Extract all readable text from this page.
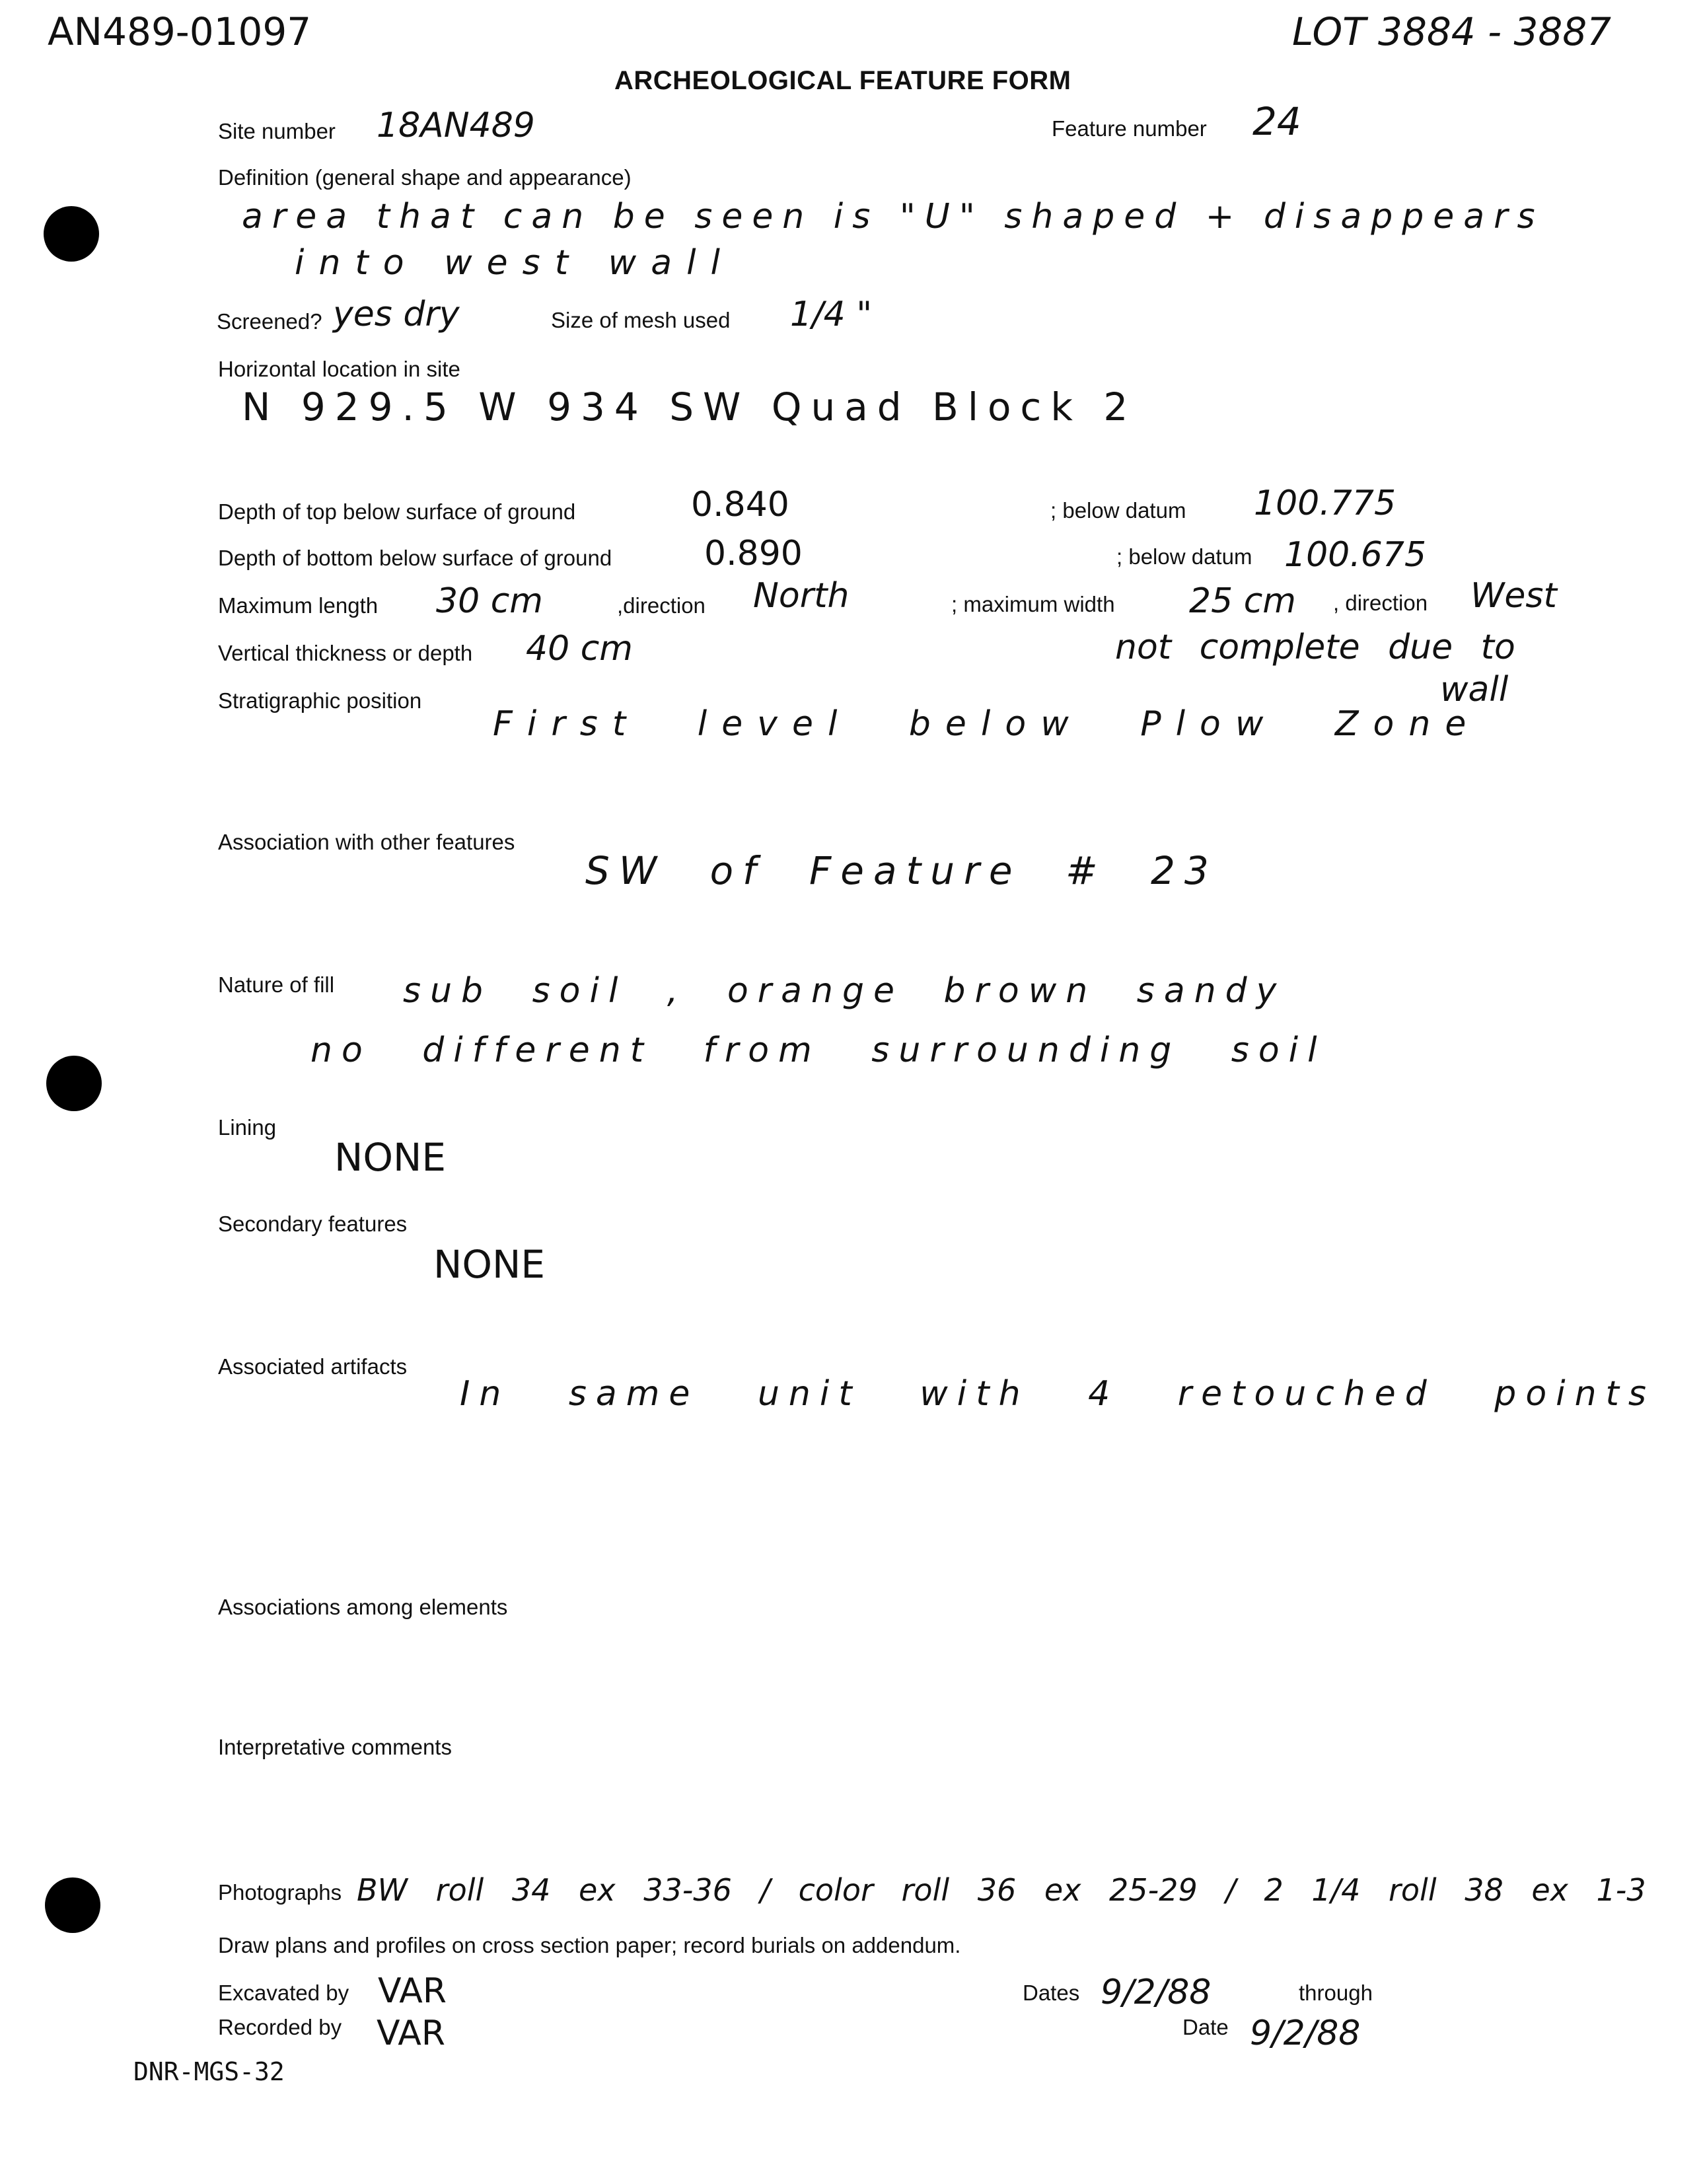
AN489-01097	LOT 3884 - 3887
ARCHEOLOGICAL FEATURE FORM
Site number 18AN489	Feature number 24
Definition (general shape and appearance)
area that can be seen is "U" shaped + disappears
into west wall
Screened? yes dry	Size of mesh used 1/4 "
Horizontal location in site
N 929.5 W 934 SW Quad Block 2
Depth of top below surface of ground	0.840	; below datum 100.775
Depth of bottom below surface of ground	0.890	; below datum 100.675
Maximum length 30 cm	,direction North	; maximum width 25 cm , direction West
Vertical thickness or depth 40 cm	not complete due to
wall
Stratigraphic position
First level below Plow Zone
Association with other features
SW of Feature # 23
Nature of fill sub soil , orange brown sandy
no different from surrounding soil
Lining
NONE
Secondary features
NONE
Associated artifacts
In same unit with 4 retouched points
Associations among elements
Interpretative comments
Photographs BW roll 34 ex 33-36 / color roll 36 ex 25-29 / 2 1/4 roll 38 ex 1-3
Draw plans and profiles on cross section paper; record burials on addendum.
Excavated by VAR	Dates 9/2/88	through
Recorded by VAR	Date 9/2/88
DNR-MGS-32
